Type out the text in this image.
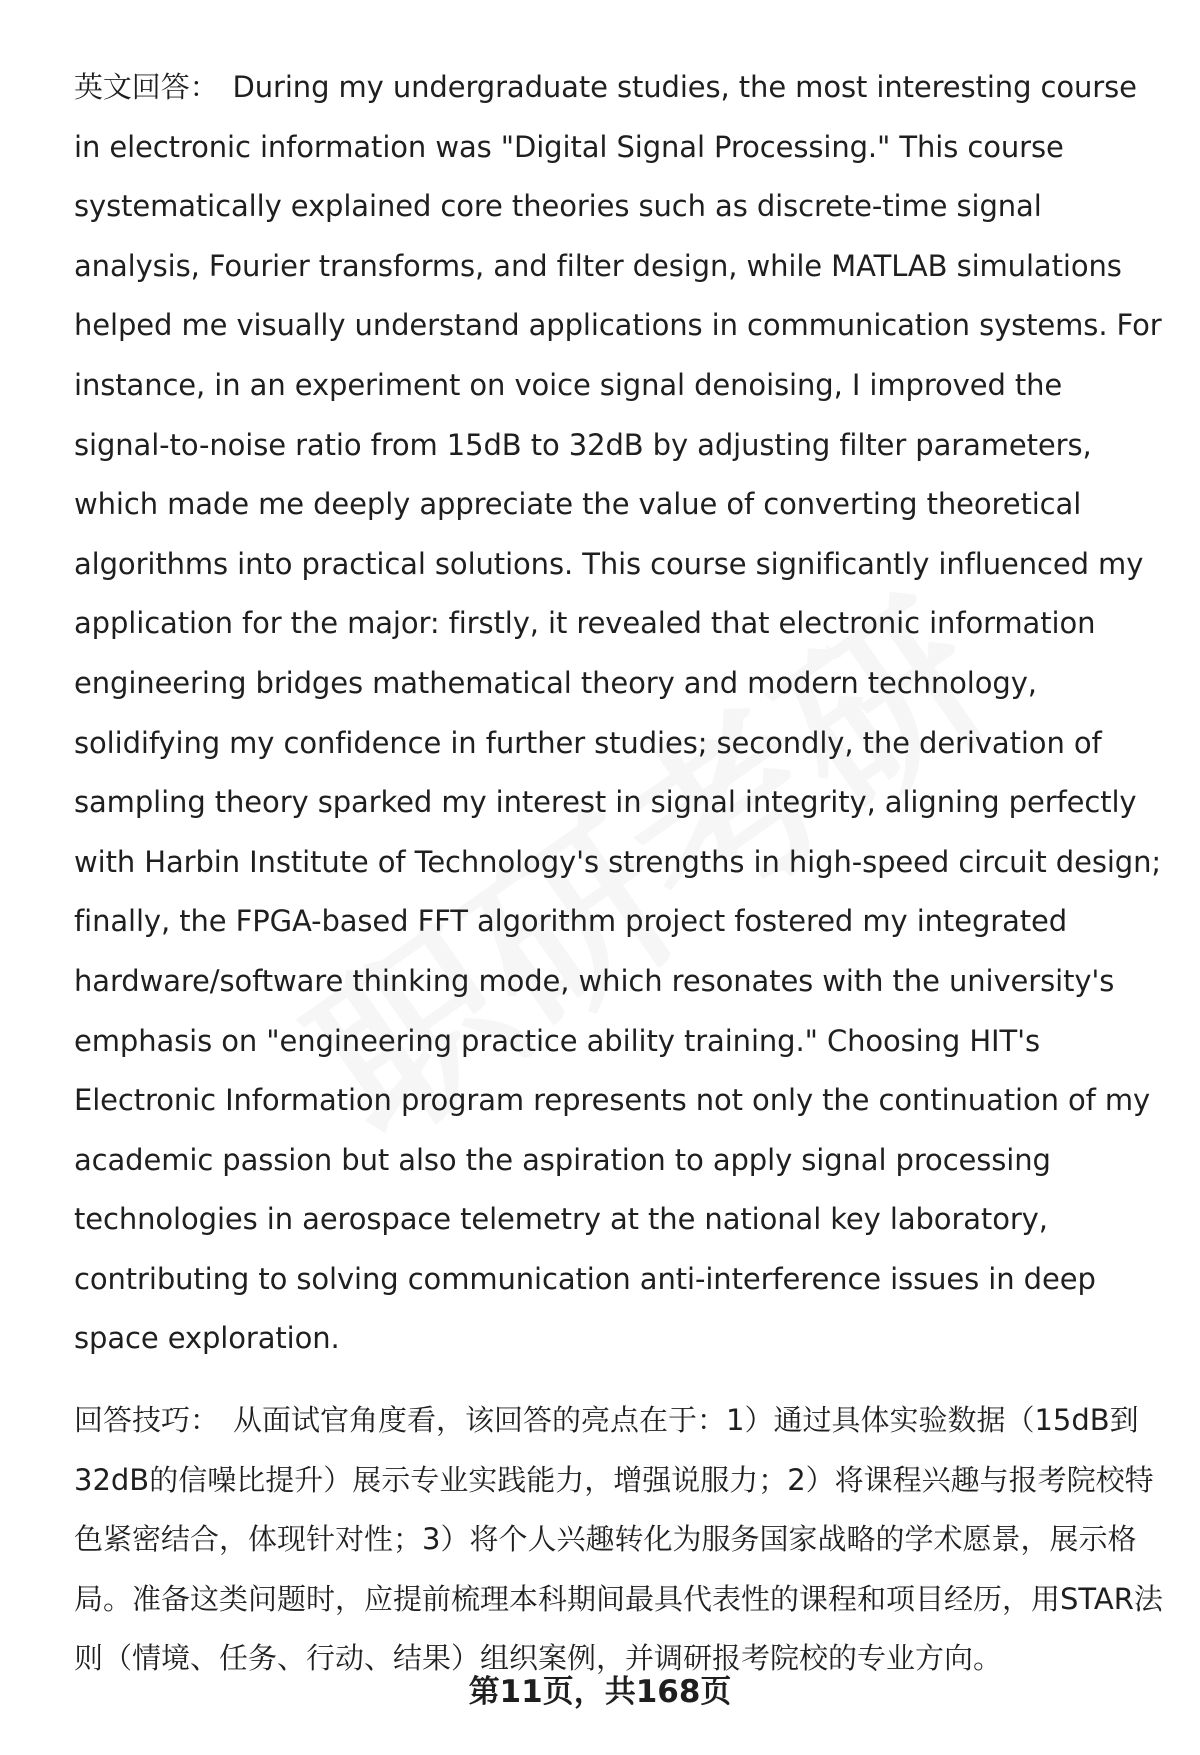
英文回答： During my undergraduate studies, the most interesting course in electronic information was "Digital Signal Processing." This course systematically explained core theories such as discrete-time signal analysis, Fourier transforms, and filter design, while MATLAB simulations helped me visually understand applications in communication systems. For instance, in an experiment on voice signal denoising, I improved the signal-to-noise ratio from 15dB to 32dB by adjusting filter parameters, which made me deeply appreciate the value of converting theoretical algorithms into practical solutions. This course significantly influenced my application for the major: firstly, it revealed that electronic information engineering bridges mathematical theory and modern technology, solidifying my confidence in further studies; secondly, the derivation of sampling theory sparked my interest in signal integrity, aligning perfectly with Harbin Institute of Technology's strengths in high-speed circuit design; finally, the FPGA-based FFT algorithm project fostered my integrated hardware/software thinking mode, which resonates with the university's emphasis on "engineering practice ability training." Choosing HIT's Electronic Information program represents not only the continuation of my academic passion but also the aspiration to apply signal processing technologies in aerospace telemetry at the national key laboratory, contributing to solving communication anti-interference issues in deep space exploration.

回答技巧： 从面试官角度看，该回答的亮点在于：1）通过具体实验数据（15dB到32dB的信噪比提升）展示专业实践能力，增强说服力；2）将课程兴趣与报考院校特色紧密结合，体现针对性；3）将个人兴趣转化为服务国家战略的学术愿景，展示格局。准备这类问题时，应提前梳理本科期间最具代表性的课程和项目经历，用STAR法则（情境、任务、行动、结果）组织案例，并调研报考院校的专业方向。

第11页，共168页
